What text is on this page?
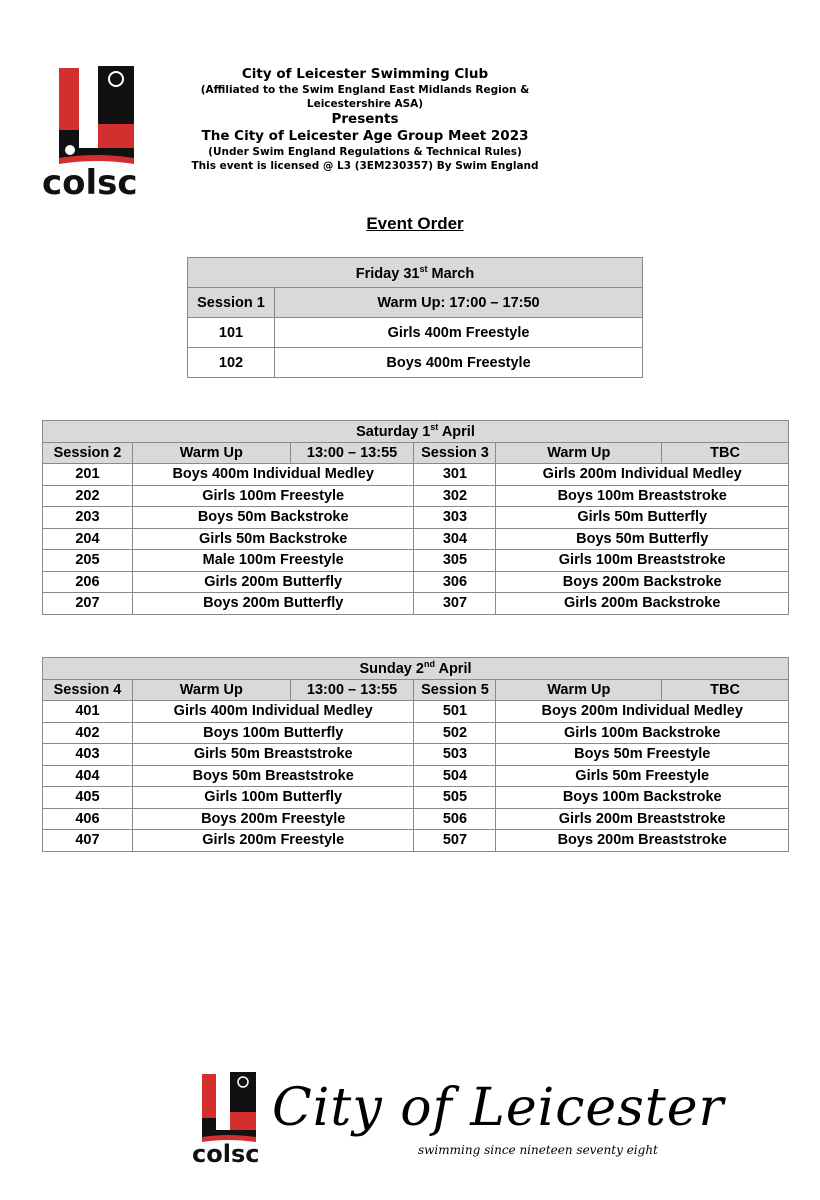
colsc
City of Leicester Swimming Club
(Affiliated to the Swim England East Midlands Region & Leicestershire ASA)
Presents
The City of Leicester Age Group Meet 2023
(Under Swim England Regulations & Technical Rules)
This event is licensed @ L3 (3EM230357) By Swim England
Event Order
Friday 31st March	
Session 1	Warm Up: 17:00 – 17:50
101	Girls 400m Freestyle
102	Boys 400m Freestyle
Saturday 1st April					
Session 2	Warm Up	13:00 – 13:55	Session 3	Warm Up	TBC
201	Boys 400m Individual Medley		301	Girls 200m Individual Medley	
202	Girls 100m Freestyle		302	Boys 100m Breaststroke	
203	Boys 50m Backstroke		303	Girls 50m Butterfly	
204	Girls 50m Backstroke		304	Boys 50m Butterfly	
205	Male 100m Freestyle		305	Girls 100m Breaststroke	
206	Girls 200m Butterfly		306	Boys 200m Backstroke	
207	Boys 200m Butterfly		307	Girls 200m Backstroke	
Sunday 2nd April					
Session 4	Warm Up	13:00 – 13:55	Session 5	Warm Up	TBC
401	Girls 400m Individual Medley		501	Boys 200m Individual Medley	
402	Boys 100m Butterfly		502	Girls 100m Backstroke	
403	Girls 50m Breaststroke		503	Boys 50m Freestyle	
404	Boys 50m Breaststroke		504	Girls 50m Freestyle	
405	Girls 100m Butterfly		505	Boys 100m Backstroke	
406	Boys 200m Freestyle		506	Girls 200m Breaststroke	
407	Girls 200m Freestyle		507	Boys 200m Breaststroke	
colsc
City of Leicester
swimming since nineteen seventy eight
